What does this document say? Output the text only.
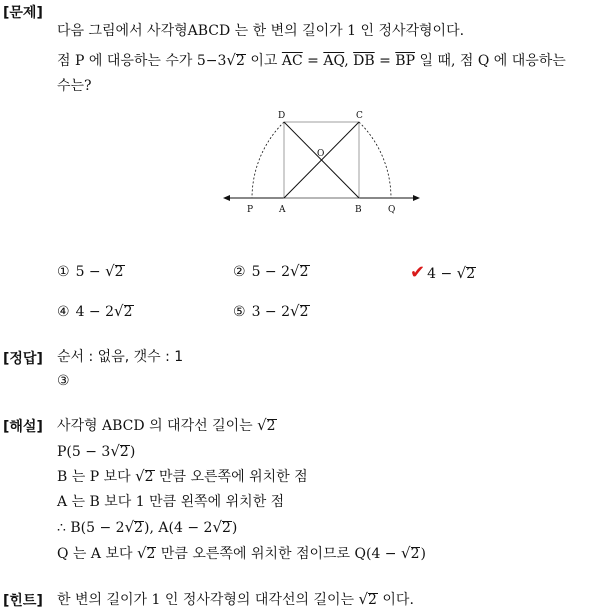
[문제]
다음 그림에서 사각형ABCD 는 한 변의 길이가 1 인 정사각형이다.
점 P 에 대응하는 수가 5−3√2 이고 $\overline{AC} = \overline{AQ}$, $\overline{DB} = \overline{BP}$ 일 때, 점 Q 에 대응하는
수는?
D	C
O
P	A	B	Q
① 5 − √2	② 5 − 2√2	✔ 4 − √2
④ 4 − 2√2	⑤ 3 − 2√2
[정답] 순서 : 없음, 갯수 : 1
③
[해설] 사각형 ABCD 의 대각선 길이는 √2
P(5 − 3√2)
B 는 P 보다 √2 만큼 오른쪽에 위치한 점
A 는 B 보다 1 만큼 왼쪽에 위치한 점
∴ B(5 − 2√2), A(4 − 2√2)
Q 는 A 보다 √2 만큼 오른쪽에 위치한 점이므로 Q(4 − √2)
[힌트] 한 변의 길이가 1 인 정사각형의 대각선의 길이는 √2 이다.
